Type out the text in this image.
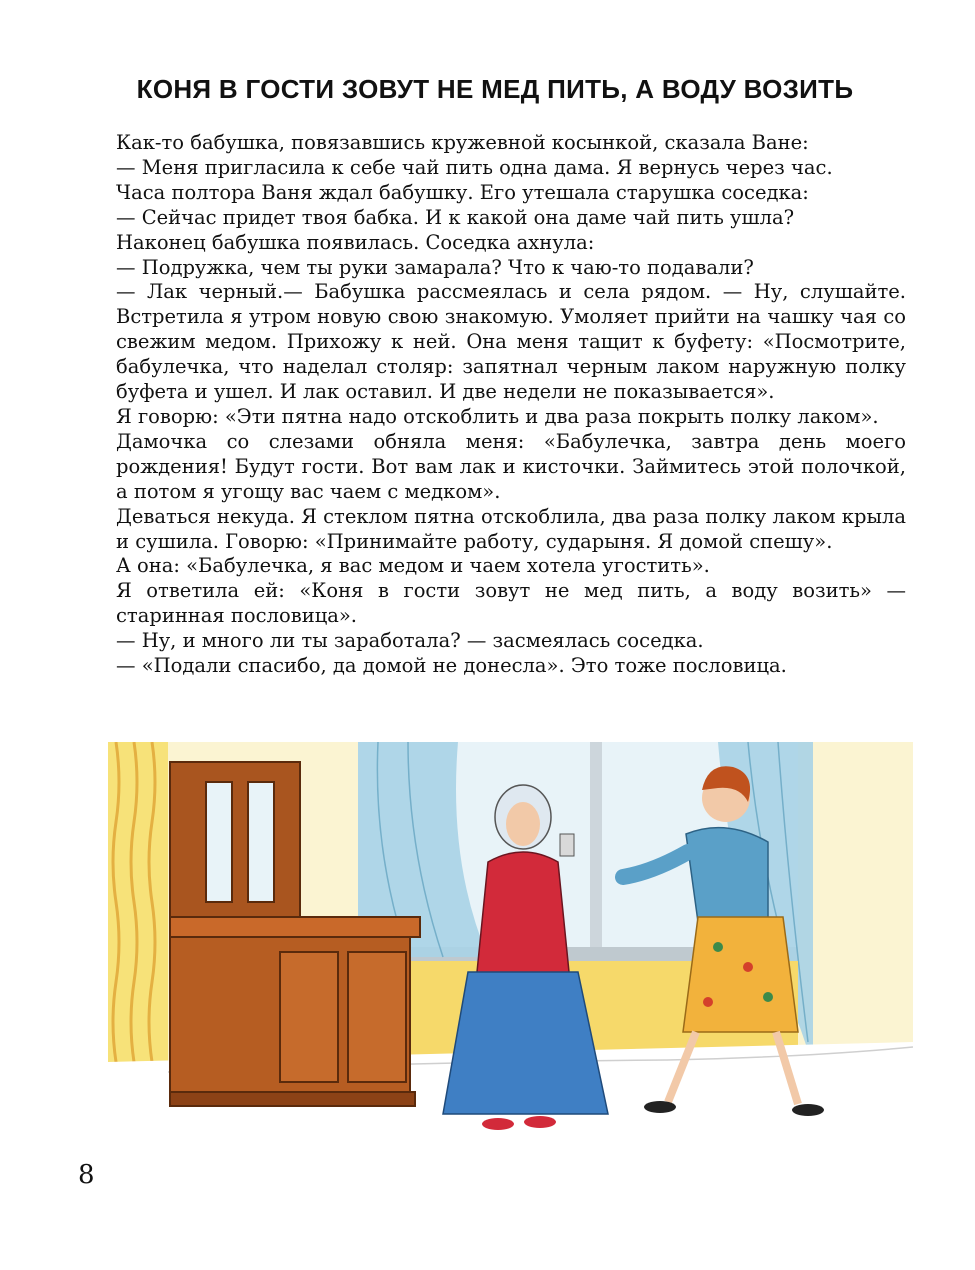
КОНЯ В ГОСТИ ЗОВУТ НЕ МЕД ПИТЬ, А ВОДУ ВОЗИТЬ
Как-то бабушка, повязавшись кружевной косынкой, сказала Ване:
— Меня пригласила к себе чай пить одна дама. Я вернусь через час.
Часа полтора Ваня ждал бабушку. Его утешала старушка соседка:
— Сейчас придет твоя бабка. И к какой она даме чай пить ушла?
Наконец бабушка появилась. Соседка ахнула:
— Подружка, чем ты руки замарала? Что к чаю-то подавали?
— Лак черный.— Бабушка рассмеялась и села рядом. — Ну, слушайте. Встретила я утром новую свою знакомую. Умоляет прийти на чашку чая со свежим медом. Прихожу к ней. Она меня тащит к буфету: «Посмотрите, бабулечка, что наделал столяр: запятнал черным лаком наружную полку буфета и ушел. И лак оставил. И две недели не показывается».
Я говорю: «Эти пятна надо отскоблить и два раза покрыть полку лаком».
Дамочка со слезами обняла меня: «Бабулечка, завтра день моего рождения! Будут гости. Вот вам лак и кисточки. Займитесь этой полочкой, а потом я угощу вас чаем с медком».
Деваться некуда. Я стеклом пятна отскоблила, два раза полку лаком крыла и сушила. Говорю: «Принимайте работу, сударыня. Я домой спешу».
А она: «Бабулечка, я вас медом и чаем хотела угостить».
Я ответила ей: «Коня в гости зовут не мед пить, а воду возить» — старинная пословица».
— Ну, и много ли ты заработала? — засмеялась соседка.
— «Подали спасибо, да домой не донесла». Это тоже пословица.
8
